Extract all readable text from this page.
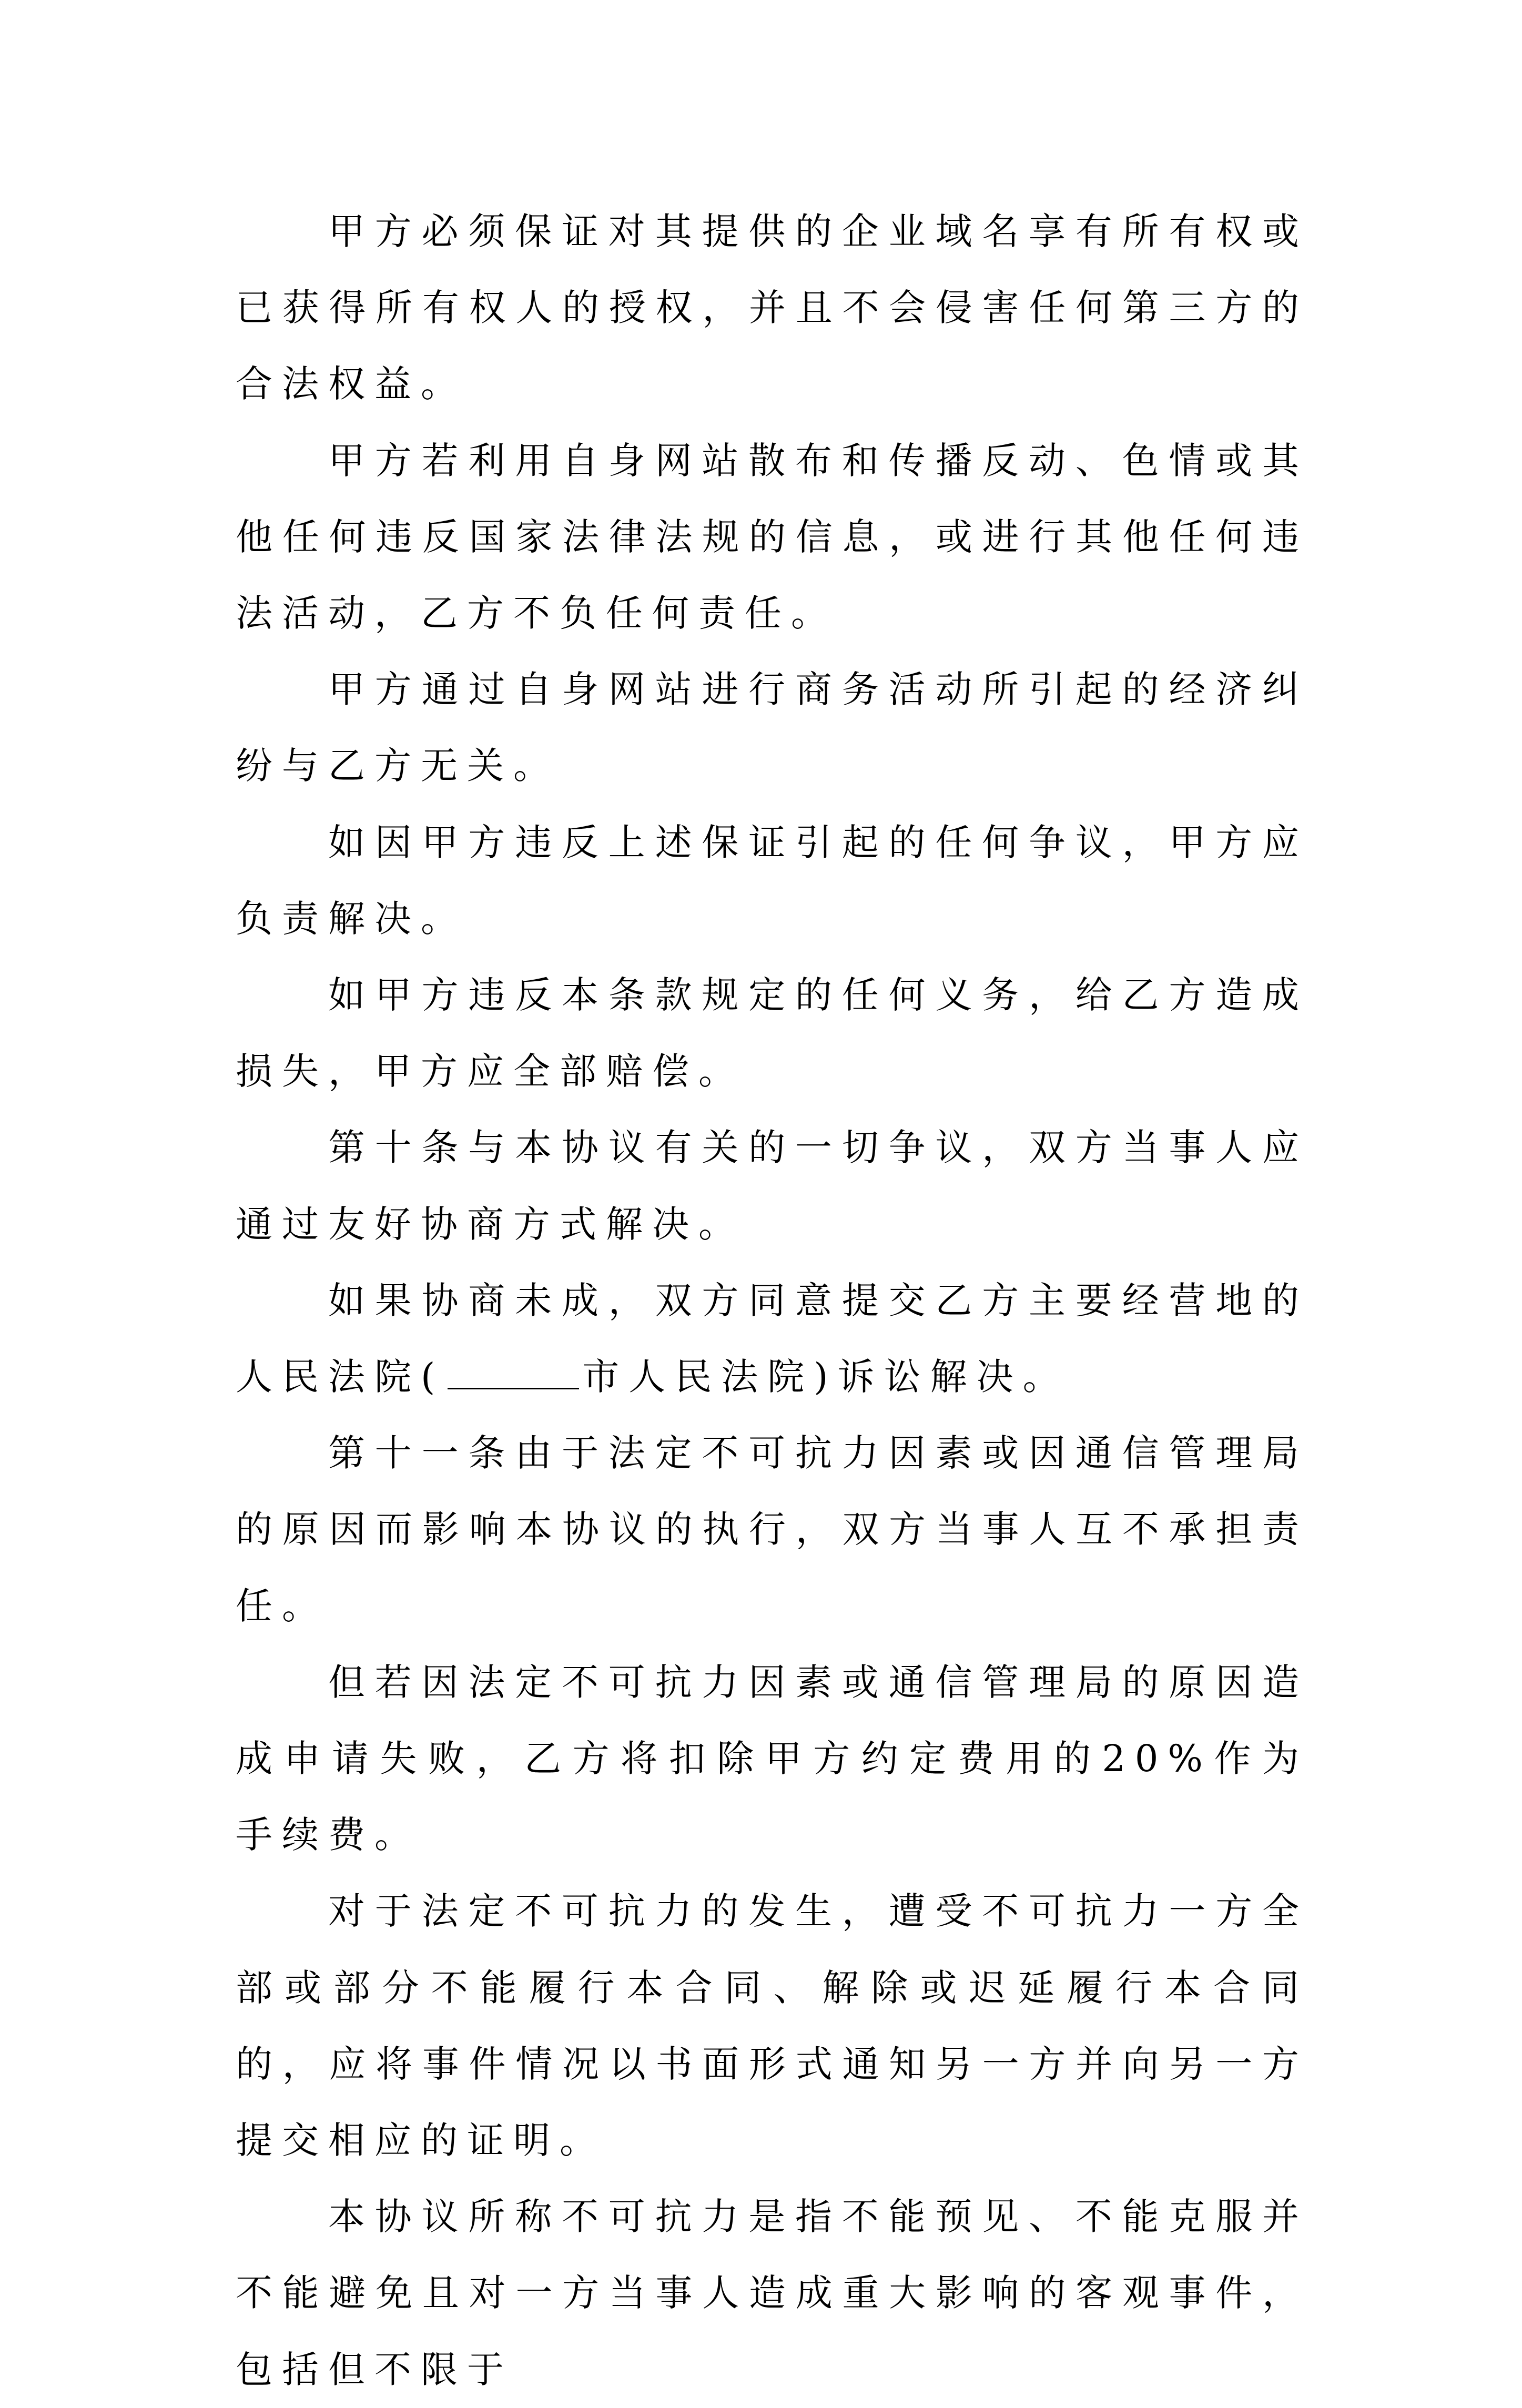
甲方必须保证对其提供的企业域名享有所有权或已获得所有权人的授权，并且不会侵害任何第三方的合法权益。

甲方若利用自身网站散布和传播反动、色情或其他任何违反国家法律法规的信息，或进行其他任何违法活动，乙方不负任何责任。

甲方通过自身网站进行商务活动所引起的经济纠纷与乙方无关。

如因甲方违反上述保证引起的任何争议，甲方应负责解决。

如甲方违反本条款规定的任何义务，给乙方造成损失，甲方应全部赔偿。

第十条与本协议有关的一切争议，双方当事人应通过友好协商方式解决。

如果协商未成，双方同意提交乙方主要经营地的人民法院(	市人民法院)诉讼解决。

第十一条由于法定不可抗力因素或因通信管理局的原因而影响本协议的执行，双方当事人互不承担责任。

但若因法定不可抗力因素或通信管理局的原因造成申请失败，乙方将扣除甲方约定费用的20%作为手续费。

对于法定不可抗力的发生，遭受不可抗力一方全部或部分不能履行本合同、解除或迟延履行本合同的，应将事件情况以书面形式通知另一方并向另一方提交相应的证明。

本协议所称不可抗力是指不能预见、不能克服并不能避免且对一方当事人造成重大影响的客观事件，包括但不限于
